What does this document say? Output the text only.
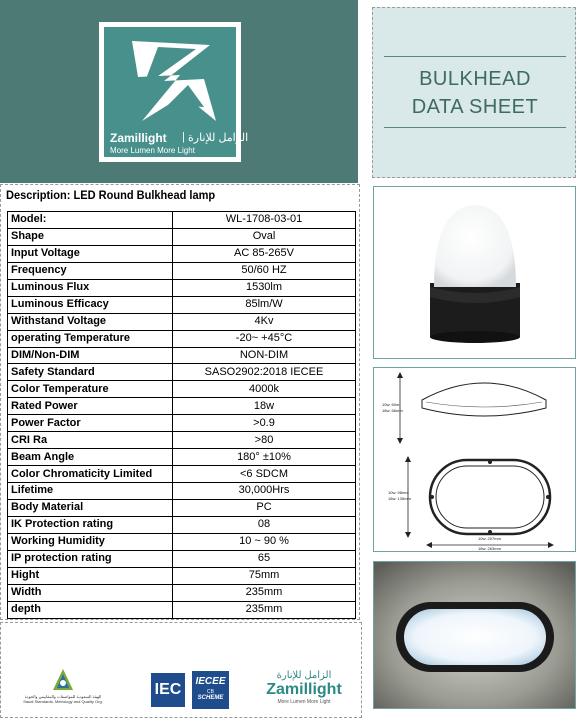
Zamillight | الزامل للإنارة
More Lumen More Light
BULKHEAD
DATA SHEET
Description: LED Round Bulkhead lamp
Model:	WL-1708-03-01
Shape	Oval
Input Voltage	AC 85-265V
Frequency	50/60 HZ
Luminous Flux	1530lm
Luminous Efficacy	85lm/W
Withstand Voltage	4Kv
operating Temperature	-20~ +45°C
DIM/Non-DIM	NON-DIM
Safety Standard	SASO2902:2018 IECEE
Color Temperature	4000k
Rated Power	18w
Power Factor	>0.9
CRI Ra	>80
Beam Angle	180° ±10%
Color Chromaticity Limited	<6 SDCM
Lifetime	30,000Hrs
Body Material	PC
IK Protection rating	08
Working Humidity	10 ~ 90 %
IP protection rating	65
Hight	75mm
Width	235mm
depth	235mm
10w: 60m
18w: 66mm
10w: 98mm
18w: 135mm
10w: 207mm
18w: 263mm
الهيئة السعودية للمواصفات والمقاييس والجودة
Saudi Standards, Metrology and Quality Org.
IEC	IECEE
CB
SCHEME
الزامل للإنارة
Zamillight
More Lumen More Light
